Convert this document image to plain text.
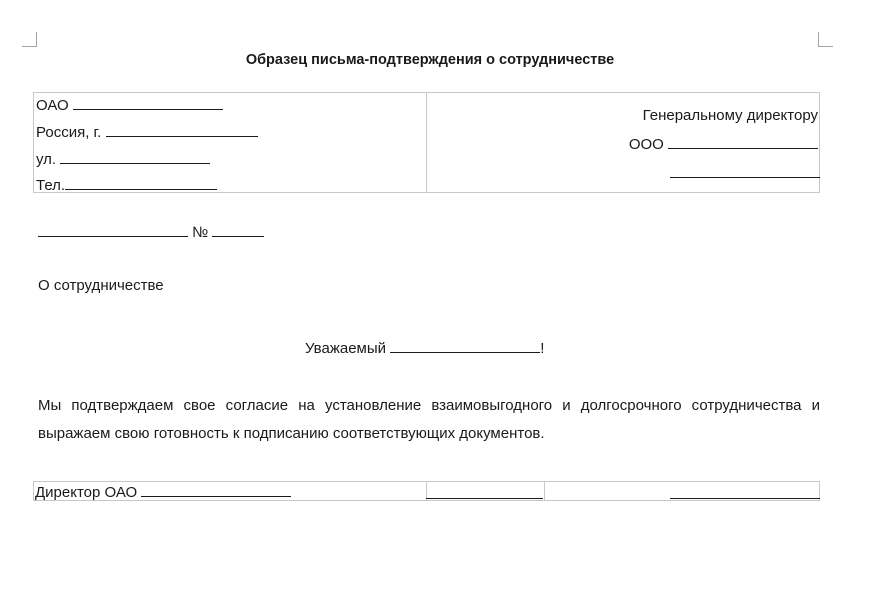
Образец письма-подтверждения о сотрудничестве
ОАО
Россия, г.
ул.
Тел.
Генеральному директору
ООО
№
О сотрудничестве
Уважаемый	!
Мы подтверждаем свое согласие на установление взаимовыгодного и долгосрочного сотрудничества и выражаем свою готовность к подписанию соответствующих документов.
Директор ОАО
